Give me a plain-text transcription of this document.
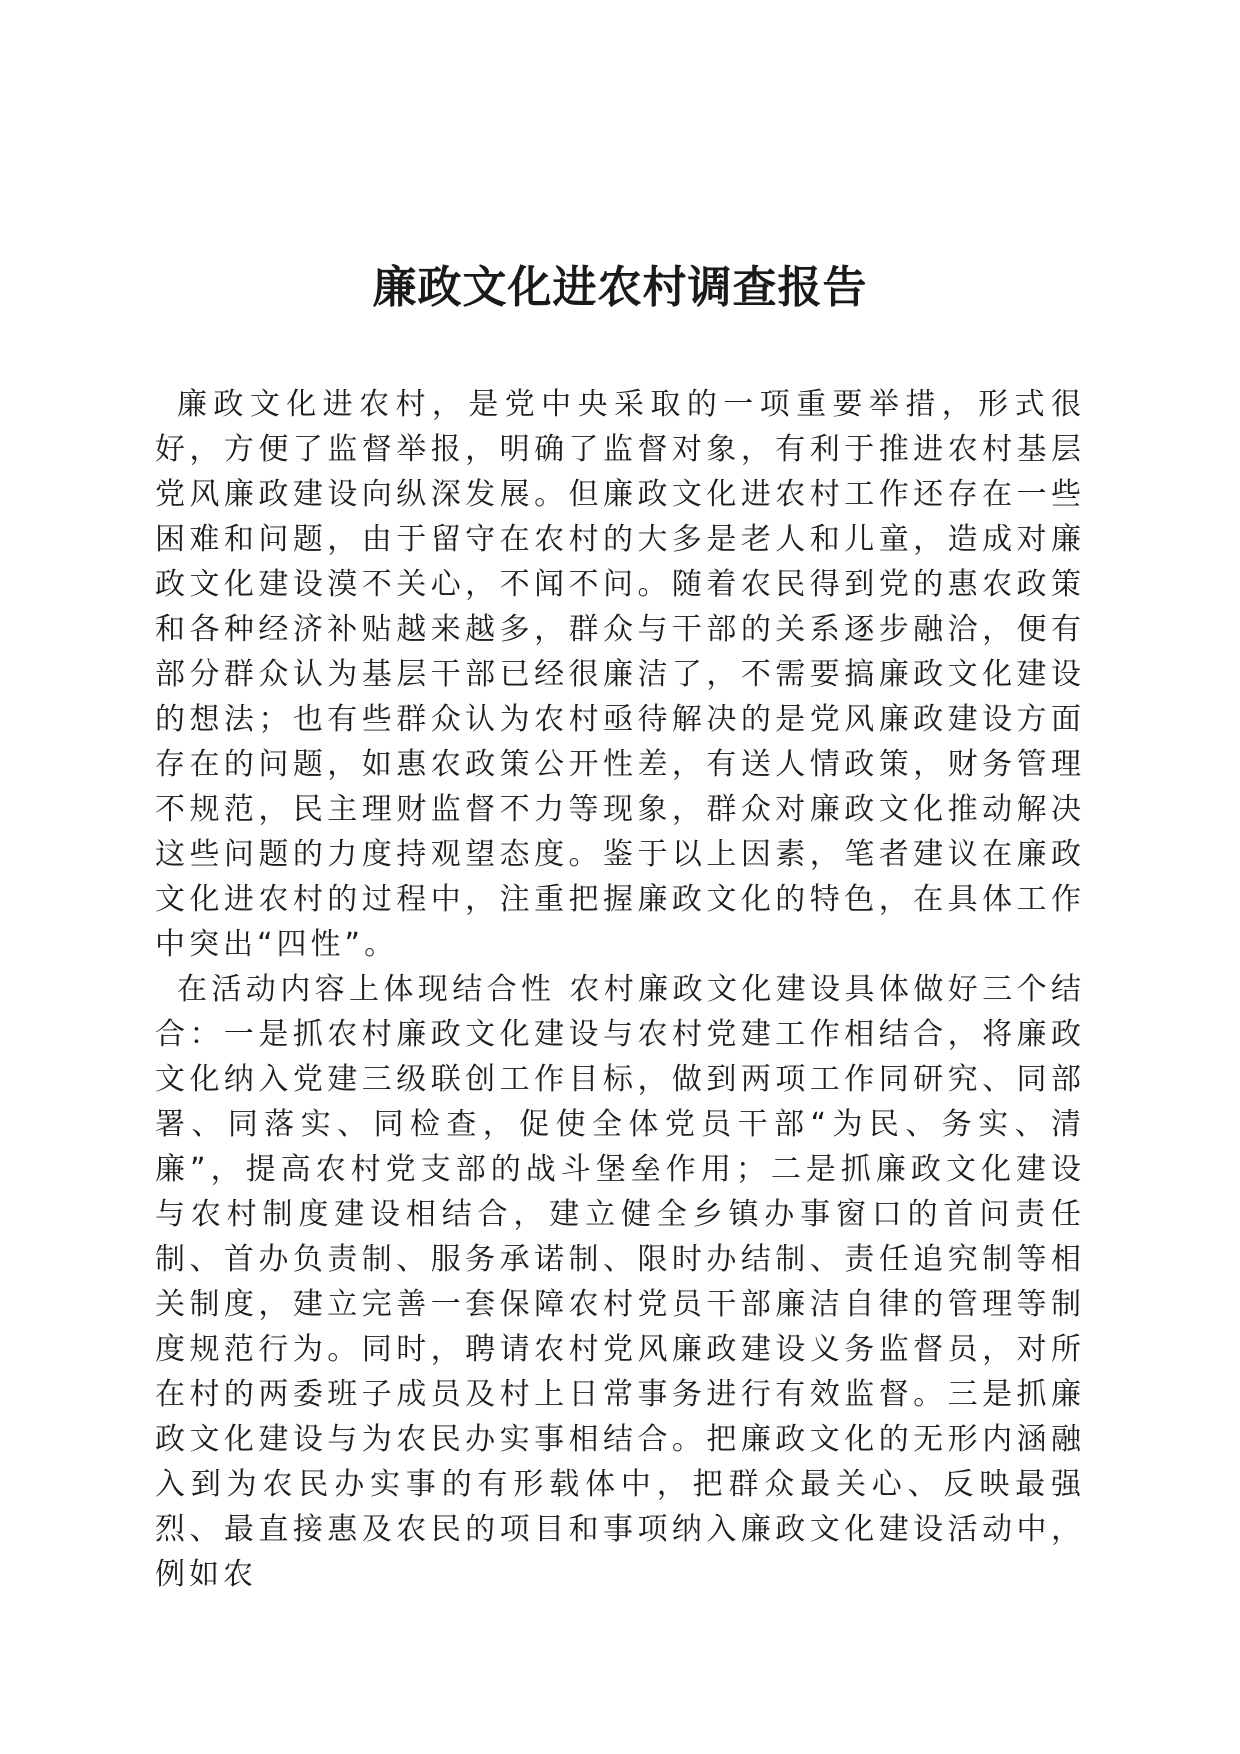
廉政文化进农村调查报告

廉政文化进农村，是党中央采取的一项重要举措，形式很好，方便了监督举报，明确了监督对象，有利于推进农村基层党风廉政建设向纵深发展。但廉政文化进农村工作还存在一些困难和问题，由于留守在农村的大多是老人和儿童，造成对廉政文化建设漠不关心，不闻不问。随着农民得到党的惠农政策和各种经济补贴越来越多，群众与干部的关系逐步融洽，便有部分群众认为基层干部已经很廉洁了，不需要搞廉政文化建设的想法；也有些群众认为农村亟待解决的是党风廉政建设方面存在的问题，如惠农政策公开性差，有送人情政策，财务管理不规范，民主理财监督不力等现象，群众对廉政文化推动解决这些问题的力度持观望态度。鉴于以上因素，笔者建议在廉政文化进农村的过程中，注重把握廉政文化的特色，在具体工作中突出“四性”。

在活动内容上体现结合性 农村廉政文化建设具体做好三个结合：一是抓农村廉政文化建设与农村党建工作相结合，将廉政文化纳入党建三级联创工作目标，做到两项工作同研究、同部署、同落实、同检查，促使全体党员干部“为民、务实、清廉”，提高农村党支部的战斗堡垒作用；二是抓廉政文化建设与农村制度建设相结合，建立健全乡镇办事窗口的首问责任制、首办负责制、服务承诺制、限时办结制、责任追究制等相关制度，建立完善一套保障农村党员干部廉洁自律的管理等制度规范行为。同时，聘请农村党风廉政建设义务监督员，对所在村的两委班子成员及村上日常事务进行有效监督。三是抓廉政文化建设与为农民办实事相结合。把廉政文化的无形内涵融入到为农民办实事的有形载体中，把群众最关心、反映最强烈、最直接惠及农民的项目和事项纳入廉政文化建设活动中，例如农
